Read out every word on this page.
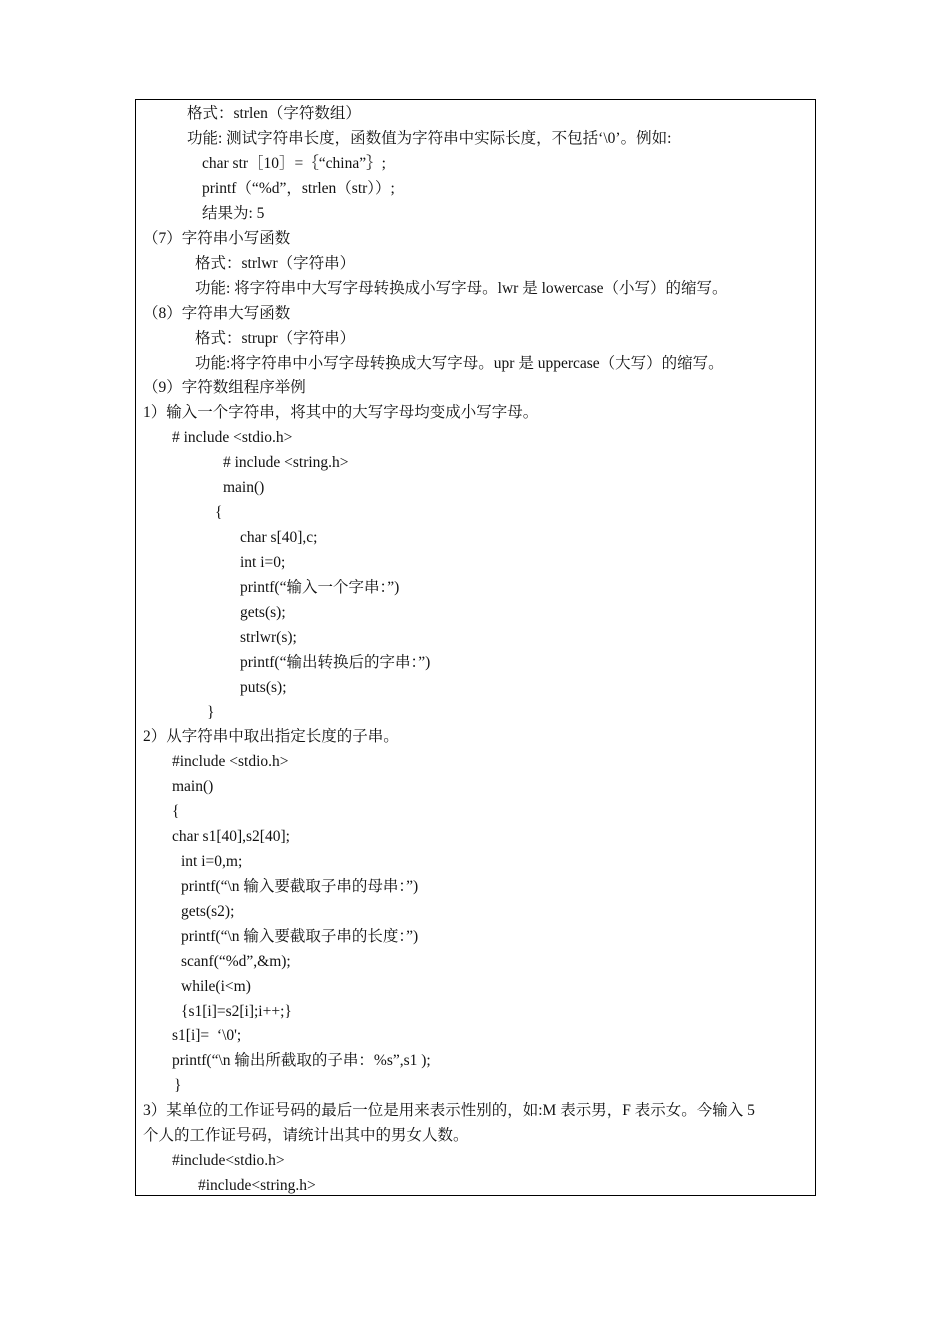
格式：strlen（字符数组）
功能: 测试字符串长度，函数值为字符串中实际长度，不包括‘\0’。例如:
char str［10］=｛“china”｝;
printf（“%d”，strlen（str））;
结果为: 5
（7）字符串小写函数
格式：strlwr（字符串）
功能: 将字符串中大写字母转换成小写字母。lwr 是 lowercase（小写）的缩写。
（8）字符串大写函数
格式：strupr（字符串）
功能:将字符串中小写字母转换成大写字母。upr 是 uppercase（大写）的缩写。
（9）字符数组程序举例
1）输入一个字符串，将其中的大写字母均变成小写字母。
# include <stdio.h>
# include <string.h>
main()
{
char s[40],c;
int i=0;
printf(“输入一个字串：”)
gets(s);
strlwr(s);
printf(“输出转换后的字串：”)
puts(s);
}
2）从字符串中取出指定长度的子串。
#include <stdio.h>
main()
{
char s1[40],s2[40];
int i=0,m;
printf(“\n 输入要截取子串的母串：”)
gets(s2);
printf(“\n 输入要截取子串的长度：”)
scanf(“%d”,&m);
while(i<m)
{s1[i]=s2[i];i++;}
s1[i]=  ‘\0';
printf(“\n 输出所截取的子串：%s”,s1 );
}
3）某单位的工作证号码的最后一位是用来表示性别的，如:M 表示男，F 表示女。今输入 5
个人的工作证号码，请统计出其中的男女人数。
#include<stdio.h>
#include<string.h>
